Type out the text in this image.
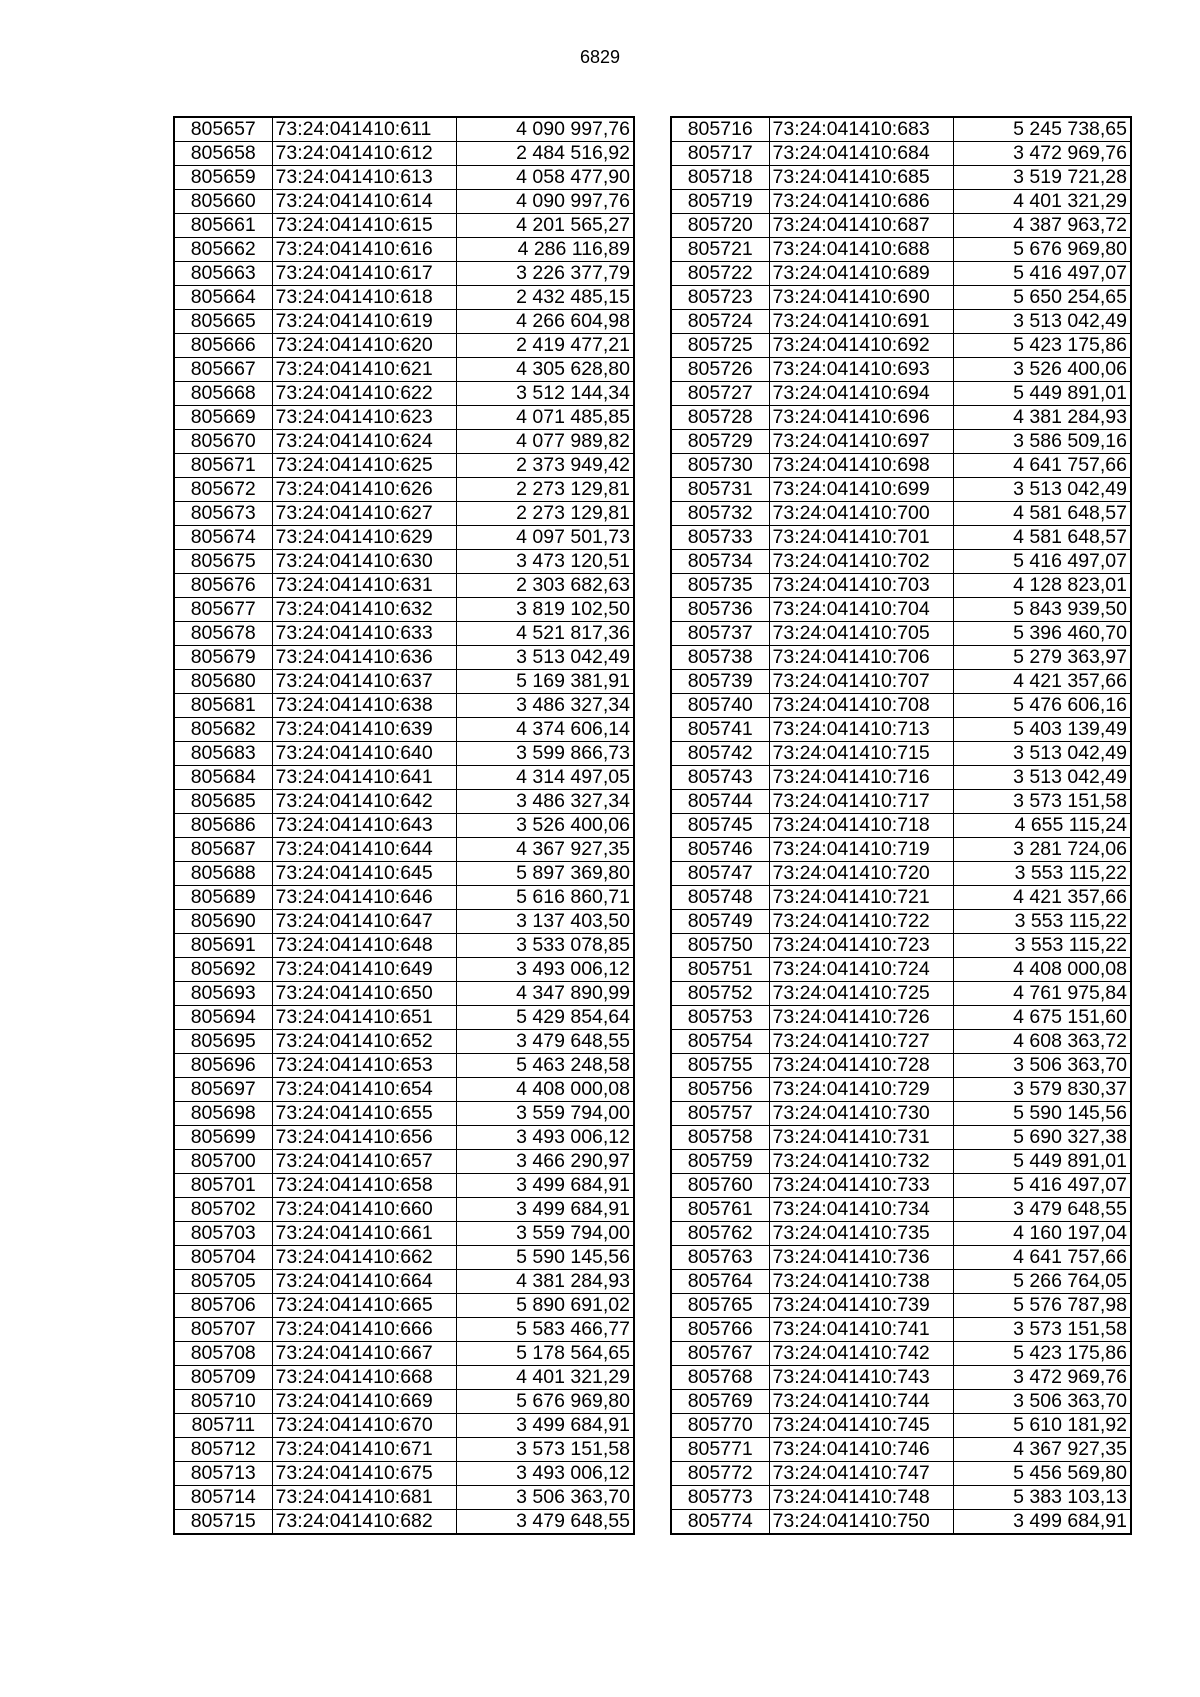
6829
805657	73:24:041410:611	4 090 997,76
805658	73:24:041410:612	2 484 516,92
805659	73:24:041410:613	4 058 477,90
805660	73:24:041410:614	4 090 997,76
805661	73:24:041410:615	4 201 565,27
805662	73:24:041410:616	4 286 116,89
805663	73:24:041410:617	3 226 377,79
805664	73:24:041410:618	2 432 485,15
805665	73:24:041410:619	4 266 604,98
805666	73:24:041410:620	2 419 477,21
805667	73:24:041410:621	4 305 628,80
805668	73:24:041410:622	3 512 144,34
805669	73:24:041410:623	4 071 485,85
805670	73:24:041410:624	4 077 989,82
805671	73:24:041410:625	2 373 949,42
805672	73:24:041410:626	2 273 129,81
805673	73:24:041410:627	2 273 129,81
805674	73:24:041410:629	4 097 501,73
805675	73:24:041410:630	3 473 120,51
805676	73:24:041410:631	2 303 682,63
805677	73:24:041410:632	3 819 102,50
805678	73:24:041410:633	4 521 817,36
805679	73:24:041410:636	3 513 042,49
805680	73:24:041410:637	5 169 381,91
805681	73:24:041410:638	3 486 327,34
805682	73:24:041410:639	4 374 606,14
805683	73:24:041410:640	3 599 866,73
805684	73:24:041410:641	4 314 497,05
805685	73:24:041410:642	3 486 327,34
805686	73:24:041410:643	3 526 400,06
805687	73:24:041410:644	4 367 927,35
805688	73:24:041410:645	5 897 369,80
805689	73:24:041410:646	5 616 860,71
805690	73:24:041410:647	3 137 403,50
805691	73:24:041410:648	3 533 078,85
805692	73:24:041410:649	3 493 006,12
805693	73:24:041410:650	4 347 890,99
805694	73:24:041410:651	5 429 854,64
805695	73:24:041410:652	3 479 648,55
805696	73:24:041410:653	5 463 248,58
805697	73:24:041410:654	4 408 000,08
805698	73:24:041410:655	3 559 794,00
805699	73:24:041410:656	3 493 006,12
805700	73:24:041410:657	3 466 290,97
805701	73:24:041410:658	3 499 684,91
805702	73:24:041410:660	3 499 684,91
805703	73:24:041410:661	3 559 794,00
805704	73:24:041410:662	5 590 145,56
805705	73:24:041410:664	4 381 284,93
805706	73:24:041410:665	5 890 691,02
805707	73:24:041410:666	5 583 466,77
805708	73:24:041410:667	5 178 564,65
805709	73:24:041410:668	4 401 321,29
805710	73:24:041410:669	5 676 969,80
805711	73:24:041410:670	3 499 684,91
805712	73:24:041410:671	3 573 151,58
805713	73:24:041410:675	3 493 006,12
805714	73:24:041410:681	3 506 363,70
805715	73:24:041410:682	3 479 648,55
805716	73:24:041410:683	5 245 738,65
805717	73:24:041410:684	3 472 969,76
805718	73:24:041410:685	3 519 721,28
805719	73:24:041410:686	4 401 321,29
805720	73:24:041410:687	4 387 963,72
805721	73:24:041410:688	5 676 969,80
805722	73:24:041410:689	5 416 497,07
805723	73:24:041410:690	5 650 254,65
805724	73:24:041410:691	3 513 042,49
805725	73:24:041410:692	5 423 175,86
805726	73:24:041410:693	3 526 400,06
805727	73:24:041410:694	5 449 891,01
805728	73:24:041410:696	4 381 284,93
805729	73:24:041410:697	3 586 509,16
805730	73:24:041410:698	4 641 757,66
805731	73:24:041410:699	3 513 042,49
805732	73:24:041410:700	4 581 648,57
805733	73:24:041410:701	4 581 648,57
805734	73:24:041410:702	5 416 497,07
805735	73:24:041410:703	4 128 823,01
805736	73:24:041410:704	5 843 939,50
805737	73:24:041410:705	5 396 460,70
805738	73:24:041410:706	5 279 363,97
805739	73:24:041410:707	4 421 357,66
805740	73:24:041410:708	5 476 606,16
805741	73:24:041410:713	5 403 139,49
805742	73:24:041410:715	3 513 042,49
805743	73:24:041410:716	3 513 042,49
805744	73:24:041410:717	3 573 151,58
805745	73:24:041410:718	4 655 115,24
805746	73:24:041410:719	3 281 724,06
805747	73:24:041410:720	3 553 115,22
805748	73:24:041410:721	4 421 357,66
805749	73:24:041410:722	3 553 115,22
805750	73:24:041410:723	3 553 115,22
805751	73:24:041410:724	4 408 000,08
805752	73:24:041410:725	4 761 975,84
805753	73:24:041410:726	4 675 151,60
805754	73:24:041410:727	4 608 363,72
805755	73:24:041410:728	3 506 363,70
805756	73:24:041410:729	3 579 830,37
805757	73:24:041410:730	5 590 145,56
805758	73:24:041410:731	5 690 327,38
805759	73:24:041410:732	5 449 891,01
805760	73:24:041410:733	5 416 497,07
805761	73:24:041410:734	3 479 648,55
805762	73:24:041410:735	4 160 197,04
805763	73:24:041410:736	4 641 757,66
805764	73:24:041410:738	5 266 764,05
805765	73:24:041410:739	5 576 787,98
805766	73:24:041410:741	3 573 151,58
805767	73:24:041410:742	5 423 175,86
805768	73:24:041410:743	3 472 969,76
805769	73:24:041410:744	3 506 363,70
805770	73:24:041410:745	5 610 181,92
805771	73:24:041410:746	4 367 927,35
805772	73:24:041410:747	5 456 569,80
805773	73:24:041410:748	5 383 103,13
805774	73:24:041410:750	3 499 684,91
